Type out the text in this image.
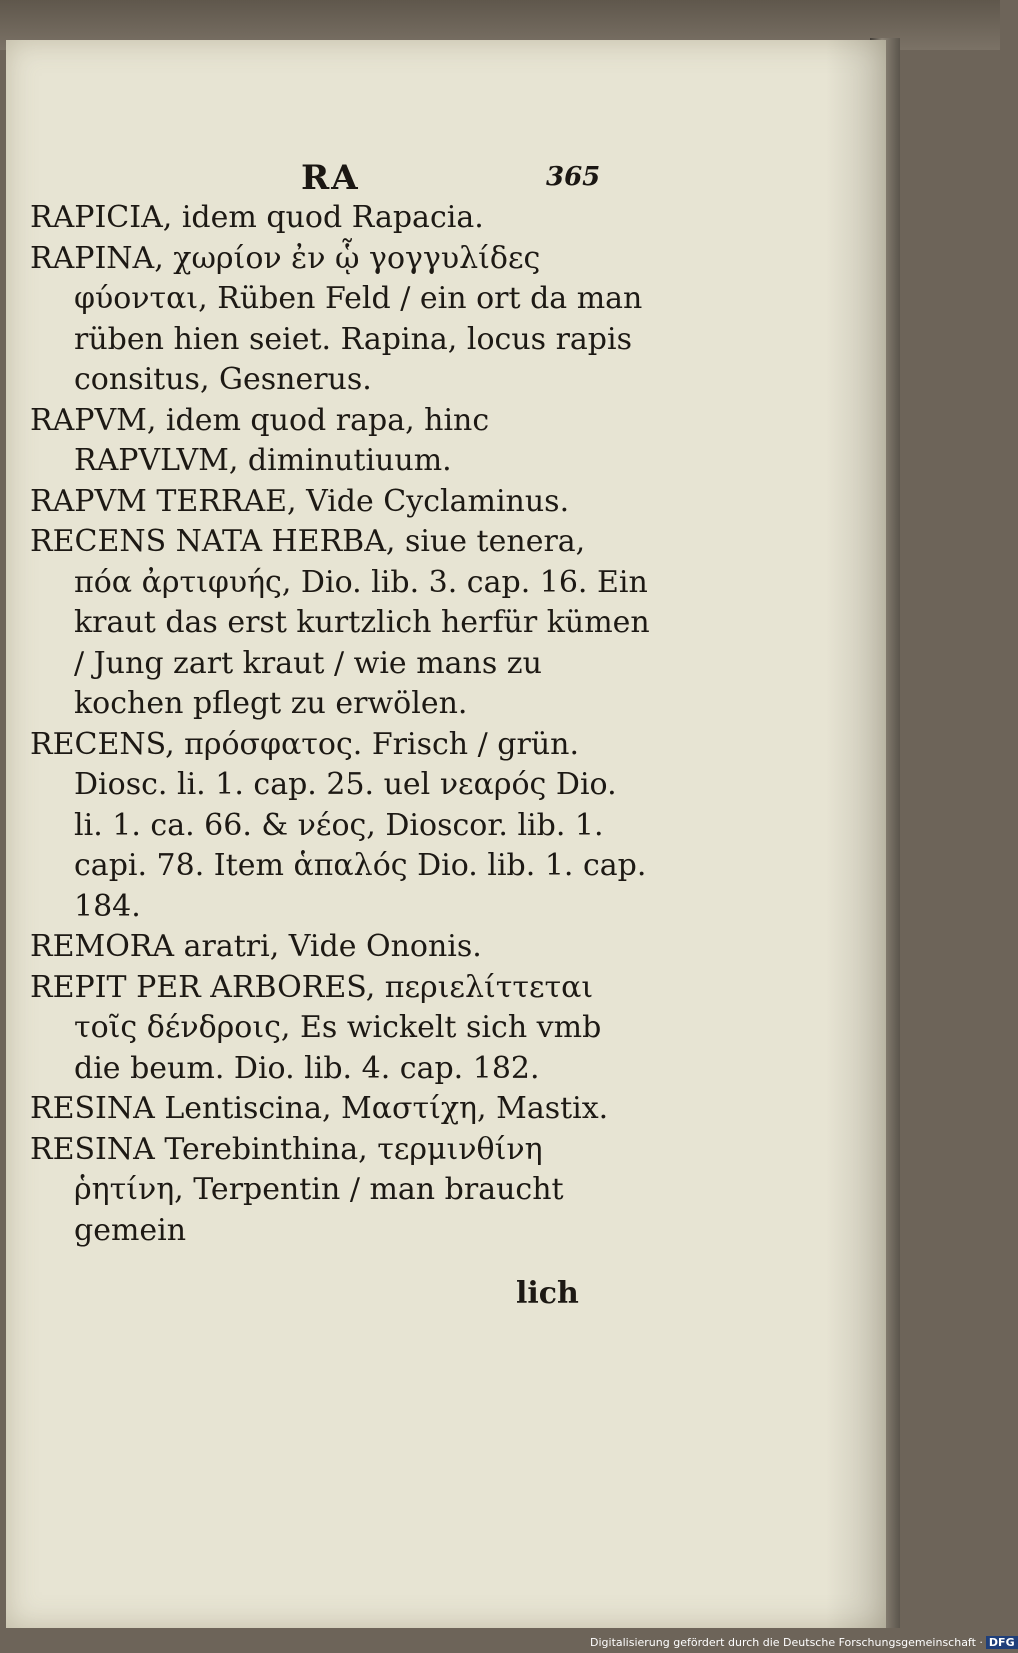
RA	365

RAPICIA, idem quod Rapacia.

RAPINA, χωρίον ἐν ᾧ γογγυλίδες φύονται, Rüben Feld / ein ort da man rüben hien seiet. Rapina, locus rapis consitus, Gesnerus.

RAPVM, idem quod rapa, hinc RAPVLVM, diminutiuum.

RAPVM TERRAE, Vide Cyclaminus.

RECENS NATA HERBA, siue tenera, πόα ἀρτιφυής, Dio. lib. 3. cap. 16. Ein kraut das erst kurtzlich herfür kümen / Jung zart kraut / wie mans zu kochen pflegt zu erwölen.

RECENS, πρόσφατος. Frisch / grün. Diosc. li. 1. cap. 25. uel νεαρός Dio. li. 1. ca. 66. & νέος, Dioscor. lib. 1. capi. 78. Item ἁπαλός Dio. lib. 1. cap. 184.

REMORA aratri, Vide Ononis.

REPIT PER ARBORES, περιελίττεται τοῖς δένδροις, Es wickelt sich vmb die beum. Dio. lib. 4. cap. 182.

RESINA Lentiscina, Μαστίχη, Mastix.

RESINA Terebinthina, τερμινθίνη ῥητίνη, Terpentin / man braucht gemein

lich
Digitalisierung gefördert durch die Deutsche Forschungsgemeinschaft · DFG
